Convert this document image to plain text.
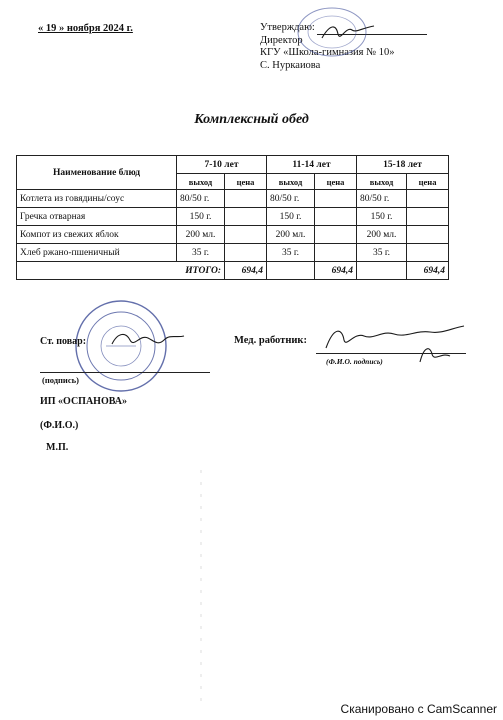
« 19 » ноября 2024 г.	Утверждаю:
Директор
КГУ «Школа-гимназия № 10»
С. Нуркаиова
Комплексный обед
Наименование блюд	7-10 лет		11-14 лет		15-18 лет	
	выход	цена	выход	цена	выход	цена
Котлета из говядины/соус	80/50 г.		80/50 г.		80/50 г.	
Гречка отварная	150 г.		150 г.		150 г.	
Компот из свежих яблок	200 мл.		200 мл.		200 мл.	
Хлеб ржано-пшеничный	35 г.		35 г.		35 г.	
ИТОГО:		694,4		694,4		694,4
Ст. повар:
(подпись)
ИП «ОСПАНОВА»
(Ф.И.О.)
М.П.
Мед. работник:
(Ф.И.О. подпись)
Сканировано с CamScanner
